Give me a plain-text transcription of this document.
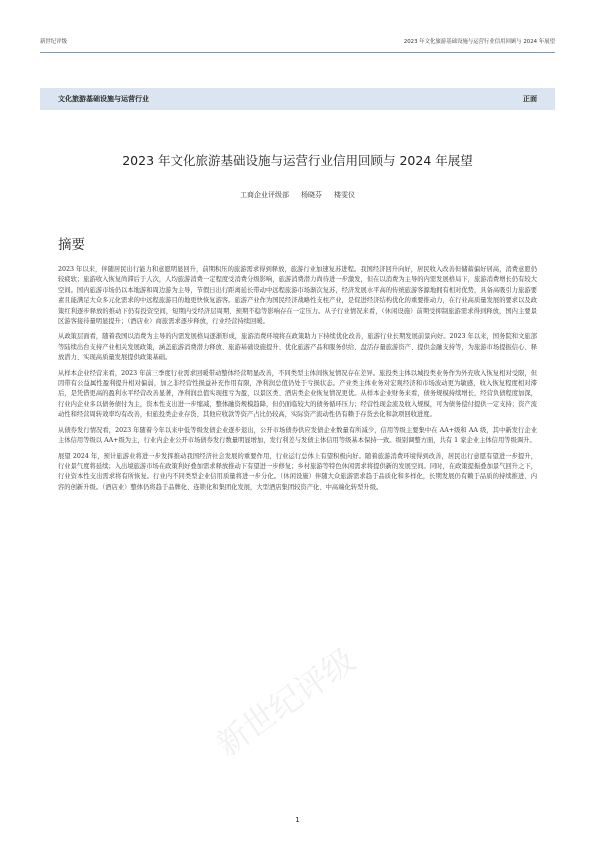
新世纪评级	2023 年文化旅游基础设施与运营行业信用回顾与 2024 年展望
文化旅游基础设施与运营行业	正面
2023 年文化旅游基础设施与运营行业信用回顾与 2024 年展望
工商企业评级部 杨晓芬 楼雯仪
摘要

2023 年以来，伴随居民出行能力和意愿明显回升，前期积压的旅游需求得到释放，旅游行业加速复苏进程。我国经济回升向好，居民收入改善但储蓄偏好居高，消费意愿仍较疲软；旅游收入恢复尚滞后于人次，人均旅游消费一定程度受消费分级影响，旅游消费潜力尚待进一步激发，但在以消费为主导的内需发展格局下，旅游消费增长仍有较大空间。国内旅游市场仍以本地游和周边游为主导，节假日出行距离延长带动中远程旅游市场渐次复苏，经济发展水平高的传统旅游客源地拥有相对优势，具备高吸引力旅游要素且能满足大众多元化需求的中远程旅游目的地更快恢复游客。旅游产业作为国民经济战略性支柱产业，是促进经济结构优化的重要推动力，在行业高质量发展的要求以及政策红利逐步释放的推动下仍有投资空间，短期内受经济层周期、预期不稳等影响存在一定压力。从子行业情况来看，（休闲设施）前期受抑制旅游需求得到释放，国内主要景区游客接待量明显提升；（酒店业）商旅需求逐步释放，行业经营持续回暖。

从政策层面看，随着我国以消费为主导的内需发展格局逐渐形成，旅游消费环境将在政策助力下持续优化改善，旅游行业长期发展前景向好。2023 年以来，国务院和文旅部等陆续出台支持产业相关发展政策，涵盖旅游消费潜力释放、旅游基础设施提升、优化旅游产品和服务供给、盘活存量旅游资产、提供金融支持等，为旅游市场提振信心、释放潜力、实现高质量发展提供政策基础。

从样本企业经营来看，2023 年前三季度行业需求回暖带动整体经营明显改善，不同类型主体间恢复情况存在差异。旅投类主体以城投类业务作为外充收入恢复相对受限，但因带有公益属性盈利提升相对偏弱，加之非经营性损益补充作用有限，净利润总值仍处于亏损状态。产业类主体业务对宏观经济和市场波动更为敏感，收入恢复程度相对滞后，是凭借更高的盈利水平经营改善显著，净利润总值实现扭亏为盈，以景区类、酒店类企业恢复情况更优。从样本企业财务来看，债务规模持续增长，经营负债程度加深，行业内企业多以债务债付为主，资本性支出进一步缩减，整体融资规模趋降，但仍面临较大的债务循环压力；经营性现金流及收入规模，可为债务偿付提供一定支持；资产流动性和经营周转效率均有改善，但旅投类企业存货、其他应收款等资产占比仍较高，实际资产流动性仍有赖于存货去化和款项回收进度。

从债券发行情况看，2023 年随着今年以来中低等级发债企业逐步退出，公开市场债券供应发债企业数量有所减少，信用等级主要集中在 AA+级和 AA 级，其中新发行企业主体信用等级以 AA+级为主，行业内企业公开市场债券发行数量明显增加，发行利差与发债主体信用等级基本保持一致。级别调整方面，共有 1 家企业主体信用等级调升。

展望 2024 年，预计旅游业将进一步发挥推动我国经济社会发展的重要作用，行业运行总体上有望积极向好。随着旅游消费环境得到改善，居民出行意愿有望进一步提升，行业景气度将延续；入出境旅游市场在政策利好叠加需求释放推动下有望进一步修复；乡村旅游等特色休闲需求将提供新的发展空间。同时，在政策提振叠加景气回升之下，行业资本性支出需求将有所恢复。行业内不同类型企业信用质量将进一步分化。（休闲设施）伴随大众旅游需求趋于品质化和多样化，长期发展仍有赖于品质的持续推进、内容的创新升级。（酒店业）整体仍将趋于品牌化、连锁化和集团化发展，大型酒店集团较资产化、中高端化转型升级。

新世纪评级
1
